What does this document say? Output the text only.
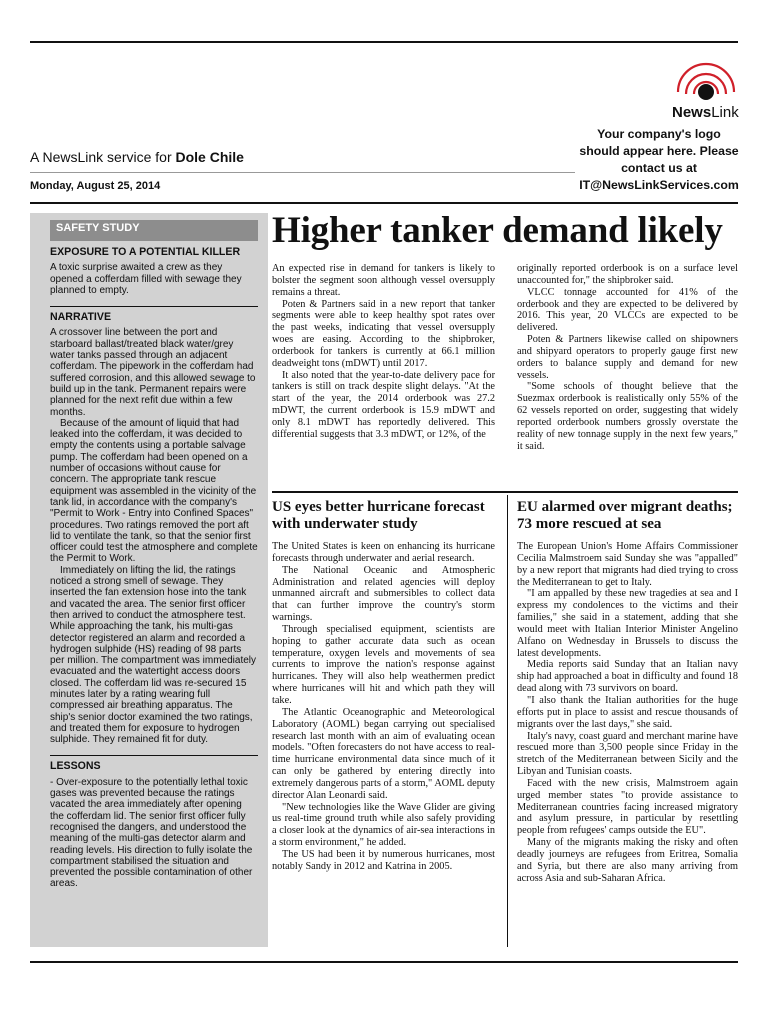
NewsLink
Your company's logo should appear here. Please contact us at IT@NewsLinkServices.com
A NewsLink service for Dole Chile
Monday, August 25, 2014
SAFETY STUDY
EXPOSURE TO A POTENTIAL KILLER

A toxic surprise awaited a crew as they opened a cofferdam filled with sewage they planned to empty.

NARRATIVE

A crossover line between the port and starboard ballast/treated black water/grey water tanks passed through an adjacent cofferdam. The pipework in the cofferdam had suffered corrosion, and this allowed sewage to build up in the tank. Permanent repairs were planned for the next refit due within a few months.

Because of the amount of liquid that had leaked into the cofferdam, it was decided to empty the contents using a portable salvage pump. The cofferdam had been opened on a number of occasions without cause for concern. The appropriate tank rescue equipment was assembled in the vicinity of the tank lid, in accordance with the company's "Permit to Work - Entry into Confined Spaces" procedures. Two ratings removed the port aft lid to ventilate the tank, so that the senior first officer could test the atmosphere and complete the Permit to Work.

Immediately on lifting the lid, the ratings noticed a strong smell of sewage. They inserted the fan extension hose into the tank and vacated the area. The senior first officer then arrived to conduct the atmosphere test. While approaching the tank, his multi-gas detector registered an alarm and recorded a hydrogen sulphide (HS) reading of 98 parts per million. The compartment was immediately evacuated and the watertight access doors closed. The cofferdam lid was re-secured 15 minutes later by a rating wearing full compressed air breathing apparatus. The ship's senior doctor examined the two ratings, and treated them for exposure to hydrogen sulphide. They remained fit for duty.

LESSONS

- Over-exposure to the potentially lethal toxic gases was prevented because the ratings vacated the area immediately after opening the cofferdam lid. The senior first officer fully recognised the dangers, and understood the meaning of the multi-gas detector alarm and reading levels. His direction to fully isolate the compartment stabilised the situation and prevented the possible contamination of other areas.

Higher tanker demand likely

An expected rise in demand for tankers is likely to bolster the segment soon although vessel oversupply remains a threat.

Poten & Partners said in a new report that tanker segments were able to keep healthy spot rates over the past weeks, indicating that vessel oversupply woes are easing. According to the shipbroker, orderbook for tankers is currently at 66.1 million deadweight tons (mDWT) until 2017.

It also noted that the year-to-date delivery pace for tankers is still on track despite slight delays. "At the start of the year, the 2014 orderbook was 27.2 mDWT, the current orderbook is 15.9 mDWT and only 8.1 mDWT has reportedly delivered. This differential suggests that 3.3 mDWT, or 12%, of the

originally reported orderbook is on a surface level unaccounted for," the shipbroker said.

VLCC tonnage accounted for 41% of the orderbook and they are expected to be delivered by 2016. This year, 20 VLCCs are expected to be delivered.

Poten & Partners likewise called on shipowners and shipyard operators to properly gauge first new orders to balance supply and demand for new vessels.

"Some schools of thought believe that the Suezmax orderbook is realistically only 55% of the 62 vessels reported on order, suggesting that widely reported orderbook numbers grossly overstate the reality of new tonnage supply in the next few years," it said.

US eyes better hurricane forecast with underwater study

The United States is keen on enhancing its hurricane forecasts through underwater and aerial research.

The National Oceanic and Atmospheric Administration and related agencies will deploy unmanned aircraft and submersibles to collect data that can further improve the country's storm warnings.

Through specialised equipment, scientists are hoping to gather accurate data such as ocean temperature, oxygen levels and movements of sea currents to improve the nation's response against hurricanes. They will also help weathermen predict where hurricanes will hit and which path they will take.

The Atlantic Oceanographic and Meteorological Laboratory (AOML) began carrying out specialised research last month with an aim of evaluating ocean models. "Often forecasters do not have access to real-time hurricane environmental data since much of it can only be gathered by entering directly into extremely dangerous parts of a storm," AOML deputy director Alan Leonardi said.

"New technologies like the Wave Glider are giving us real-time ground truth while also safely providing a closer look at the dynamics of air-sea interactions in a storm environment," he added.

The US had been it by numerous hurricanes, most notably Sandy in 2012 and Katrina in 2005.

EU alarmed over migrant deaths; 73 more rescued at sea

The European Union's Home Affairs Commissioner Cecilia Malmstroem said Sunday she was "appalled" by a new report that migrants had died trying to cross the Mediterranean to get to Italy.

"I am appalled by these new tragedies at sea and I express my condolences to the victims and their families," she said in a statement, adding that she would meet with Italian Interior Minister Angelino Alfano on Wednesday in Brussels to discuss the latest developments.

Media reports said Sunday that an Italian navy ship had approached a boat in difficulty and found 18 dead along with 73 survivors on board.

"I also thank the Italian authorities for the huge efforts put in place to assist and rescue thousands of migrants over the last days," she said.

Italy's navy, coast guard and merchant marine have rescued more than 3,500 people since Friday in the stretch of the Mediterranean between Sicily and the Libyan and Tunisian coasts.

Faced with the new crisis, Malmstroem again urged member states "to provide assistance to Mediterranean countries facing increased migratory and asylum pressure, in particular by resettling people from refugees' camps outside the EU".

Many of the migrants making the risky and often deadly journeys are refugees from Eritrea, Somalia and Syria, but there are also many arriving from across Asia and sub-Saharan Africa.
